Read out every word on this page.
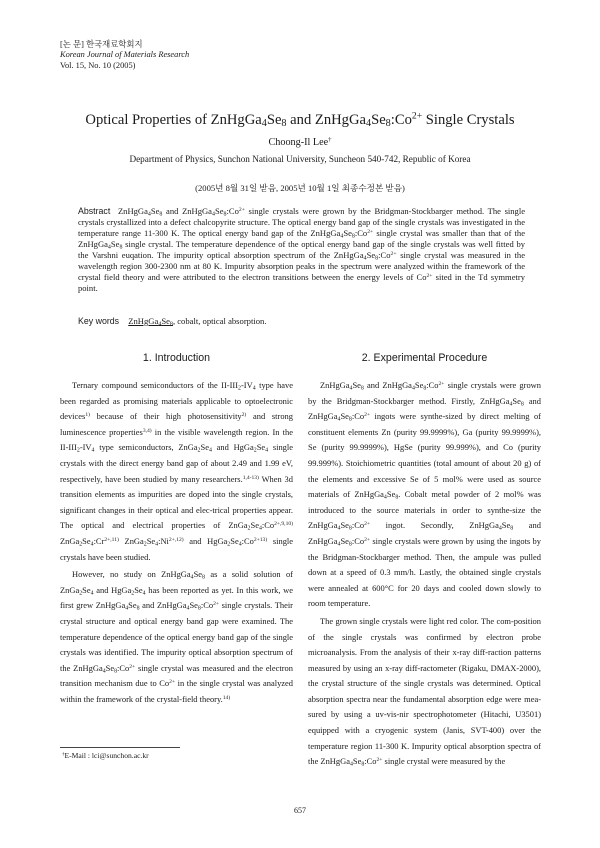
[논 문] 한국재료학회지
Korean Journal of Materials Research
Vol. 15, No. 10 (2005)
Optical Properties of $ZnHgGa_4Se_8$ and $ZnHgGa_4Se_8:Co^{2+}$ Single Crystals
Choong-Il Lee†
Department of Physics, Sunchon National University, Suncheon 540-742, Republic of Korea
(2005년 8월 31일 받음, 2005년 10월 1일 최종수정본 받음)
Abstract $ZnHgGa_4Se_8$ and $ZnHgGa_4Se_8:Co^{2+}$ single crystals were grown by the Bridgman-Stockbarger method. The single crystals crystallized into a defect chalcopyrite structure. The optical energy band gap of the single crystals was investigated in the temperature range 11-300 K. The optical energy band gap of the $ZnHgGa_4Se_8:Co^{2+}$ single crystal was smaller than that of the $ZnHgGa_4Se_8$ single crystal. The temperature dependence of the optical energy band gap of the single crystals was well fitted by the Varshni euqation. The impurity optical absorption spectrum of the $ZnHgGa_4Se_8:Co^{2+}$ single crystal was measured in the wavelength region 300-2300 nm at 80 K. Impurity absorption peaks in the spectrum were analyzed within the framework of the crystal field theory and were attributed to the electron transitions between the energy levels of $Co^{2+}$ sited in the Td symmetry point.
Key words $ZnHgGa_4Se_8$, cobalt, optical absorption.
1. Introduction	2. Experimental Procedure

Ternary compound semiconductors of the $II-III_2-IV_4$ type have been regarded as promising materials applicable to optoelectronic devices$^{1)}$ because of their high photosensitivity$^{2)}$ and strong luminescence properties$^{3,4)}$ in the visible wavelength region. In the $II-III_2-IV_4$ type semiconductors, $ZnGa_2Se_4$ and $HgGa_2Se_4$ single crystals with the direct energy band gap of about 2.49 and 1.99 eV, respectively, have been studied by many researchers.$^{1,4-13)}$ When 3d transition elements as impurities are doped into the single crystals, significant changes in their optical and elec-trical properties appear. The optical and electrical properties of $ZnGa_2Se_4:Co^{2+,9,10)}$ $ZnGa_2Se_4:Cr^{2+,11)}$ $ZnGa_2Se_4:Ni^{2+,12)}$ and $HgGa_2Se_4:Co^{2+13)}$ single crystals have been studied.

However, no study on $ZnHgGa_4Se_8$ as a solid solution of $ZnGa_2Se_4$ and $HgGa_2Se_4$ has been reported as yet. In this work, we first grew $ZnHgGa_4Se_8$ and $ZnHgGa_4Se_8:Co^{2+}$ single crystals. Their crystal structure and optical energy band gap were examined. The temperature dependence of the optical energy band gap of the single crystals was identified. The impurity optical absorption spectrum of the $ZnHgGa_4Se_8:Co^{2+}$ single crystal was measured and the electron transition mechanism due to $Co^{2+}$ in the single crystal was analyzed within the framework of the crystal-field theory.$^{14)}$

$ZnHgGa_4Se_8$ and $ZnHgGa_4Se_8:Co^{2+}$ single crystals were grown by the Bridgman-Stockbarger method. Firstly, $ZnHgGa_4Se_8$ and $ZnHgGa_4Se_8:Co^{2+}$ ingots were synthe-sized by direct melting of constituent elements Zn (purity 99.9999%), Ga (purity 99.9999%), Se (purity 99.9999%), HgSe (purity 99.999%), and Co (purity 99.999%). Stoichiometric quantities (total amount of about 20 g) of the elements and excessive Se of 5 mol% were used as source materials of $ZnHgGa_4Se_8$. Cobalt metal powder of 2 mol% was introduced to the source materials in order to synthe-size the $ZnHgGa_4Se_8:Co^{2+}$ ingot. Secondly, $ZnHgGa_4Se_8$ and $ZnHgGa_4Se_8:Co^{2+}$ single crystals were grown by using the ingots by the Bridgman-Stockbarger method. Then, the ampule was pulled down at a speed of 0.3 mm/h. Lastly, the obtained single crystals were annealed at 600°C for 20 days and cooled down slowly to room temperature.

The grown single crystals were light red color. The com-position of the single crystals was confirmed by electron probe microanalysis. From the analysis of their x-ray diff-raction patterns measured by using an x-ray diff-ractometer (Rigaku, DMAX-2000), the crystal structure of the single crystals was determined. Optical absorption spectra near the fundamental absorption edge were mea-sured by using a uv-vis-nir spectrophotometer (Hitachi, U3501) equipped with a cryogenic system (Janis, SVT-400) over the temperature region 11-300 K. Impurity optical absorption spectra of the $ZnHgGa_4Se_8:Co^{2+}$ single crystal were measured by the

†E-Mail : lci@sunchon.ac.kr
657
